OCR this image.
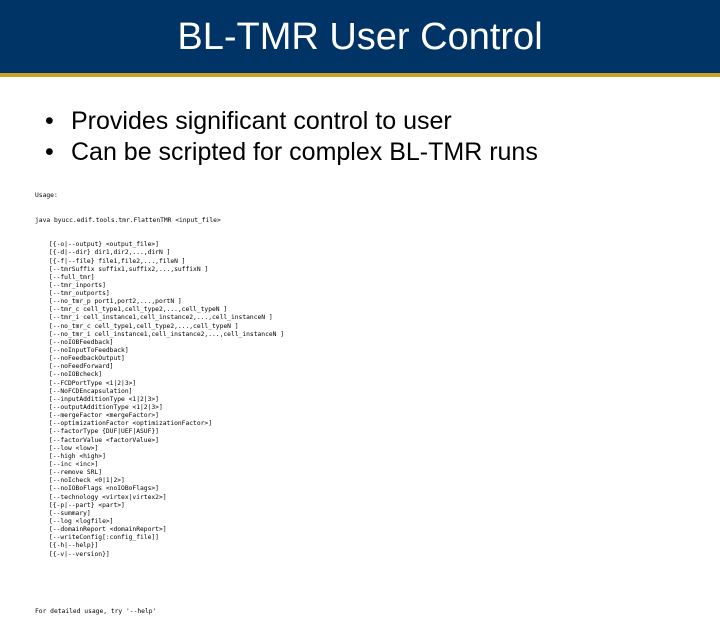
BL-TMR User Control
• Provides significant control to user
• Can be scripted for complex BL-TMR runs

Usage:

java byucc.edif.tools.tmr.FlattenTMR <input_file>

[{-o|--output} <output_file>]
[{-d|--dir} dir1,dir2,...,dirN ]
[{-f|--file} file1,file2,...,fileN ]
[--tmrSuffix suffix1,suffix2,...,suffixN ]
[--full_tmr]
[--tmr_inports]
[--tmr_outports]
[--no_tmr_p port1,port2,...,portN ]
[--tmr_c cell_type1,cell_type2,...,cell_typeN ]
[--tmr_i cell_instance1,cell_instance2,...,cell_instanceN ]
[--no_tmr_c cell_type1,cell_type2,...,cell_typeN ]
[--no_tmr_i cell_instance1,cell_instance2,...,cell_instanceN ]
[--noIOBFeedback]
[--noInputToFeedback]
[--noFeedbackOutput]
[--noFeedForward]
[--noIOBcheck]
[--FCDPortType <1|2|3>]
[--NoFCDEncapsulation]
[--inputAdditionType <1|2|3>]
[--outputAdditionType <1|2|3>]
[--mergeFactor <mergeFactor>]
[--optimizationFactor <optimizationFactor>]
[--factorType {DUF|UEF|ASUF}]
[--factorValue <factorValue>]
[--low <low>]
[--high <high>]
[--inc <inc>]
[--remove SRL]
[--noIcheck <0|1|2>]
[--noIOBoFlags <noIOBoFlags>]
[--technology <virtex|virtex2>]
[{-p|--part} <part>]
[--summary]
[--log <logfile>]
[--domainReport <domainReport>]
[--writeConfig[:config_file]]
[{-h|--help}]
[{-v|--version}]

For detailed usage, try '--help'
